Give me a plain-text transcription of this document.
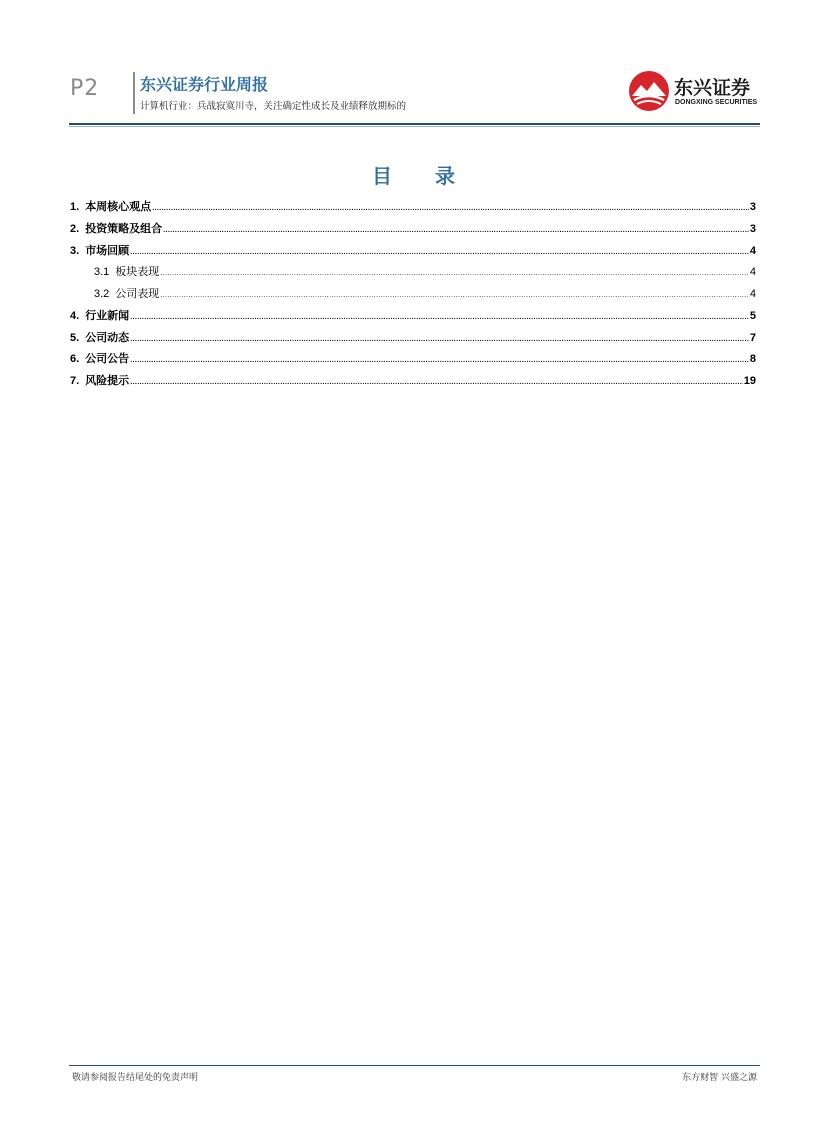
P2	东兴证券行业周报
计算机行业：兵战寂寞川寺，关注确定性成长及业绩释放期标的
东兴证券
DONGXING SECURITIES
目 录
1. 本周核心观点 .....	3
2. 投资策略及组合 .....	3
3. 市场回顾 .....	4
3.1 板块表现 .....	4
3.2 公司表现 .....	4
4. 行业新闻 .....	5
5. 公司动态 .....	7
6. 公司公告 .....	8
7. 风险提示 .....	19
敬请参阅报告结尾处的免责声明	东方财智 兴盛之源
